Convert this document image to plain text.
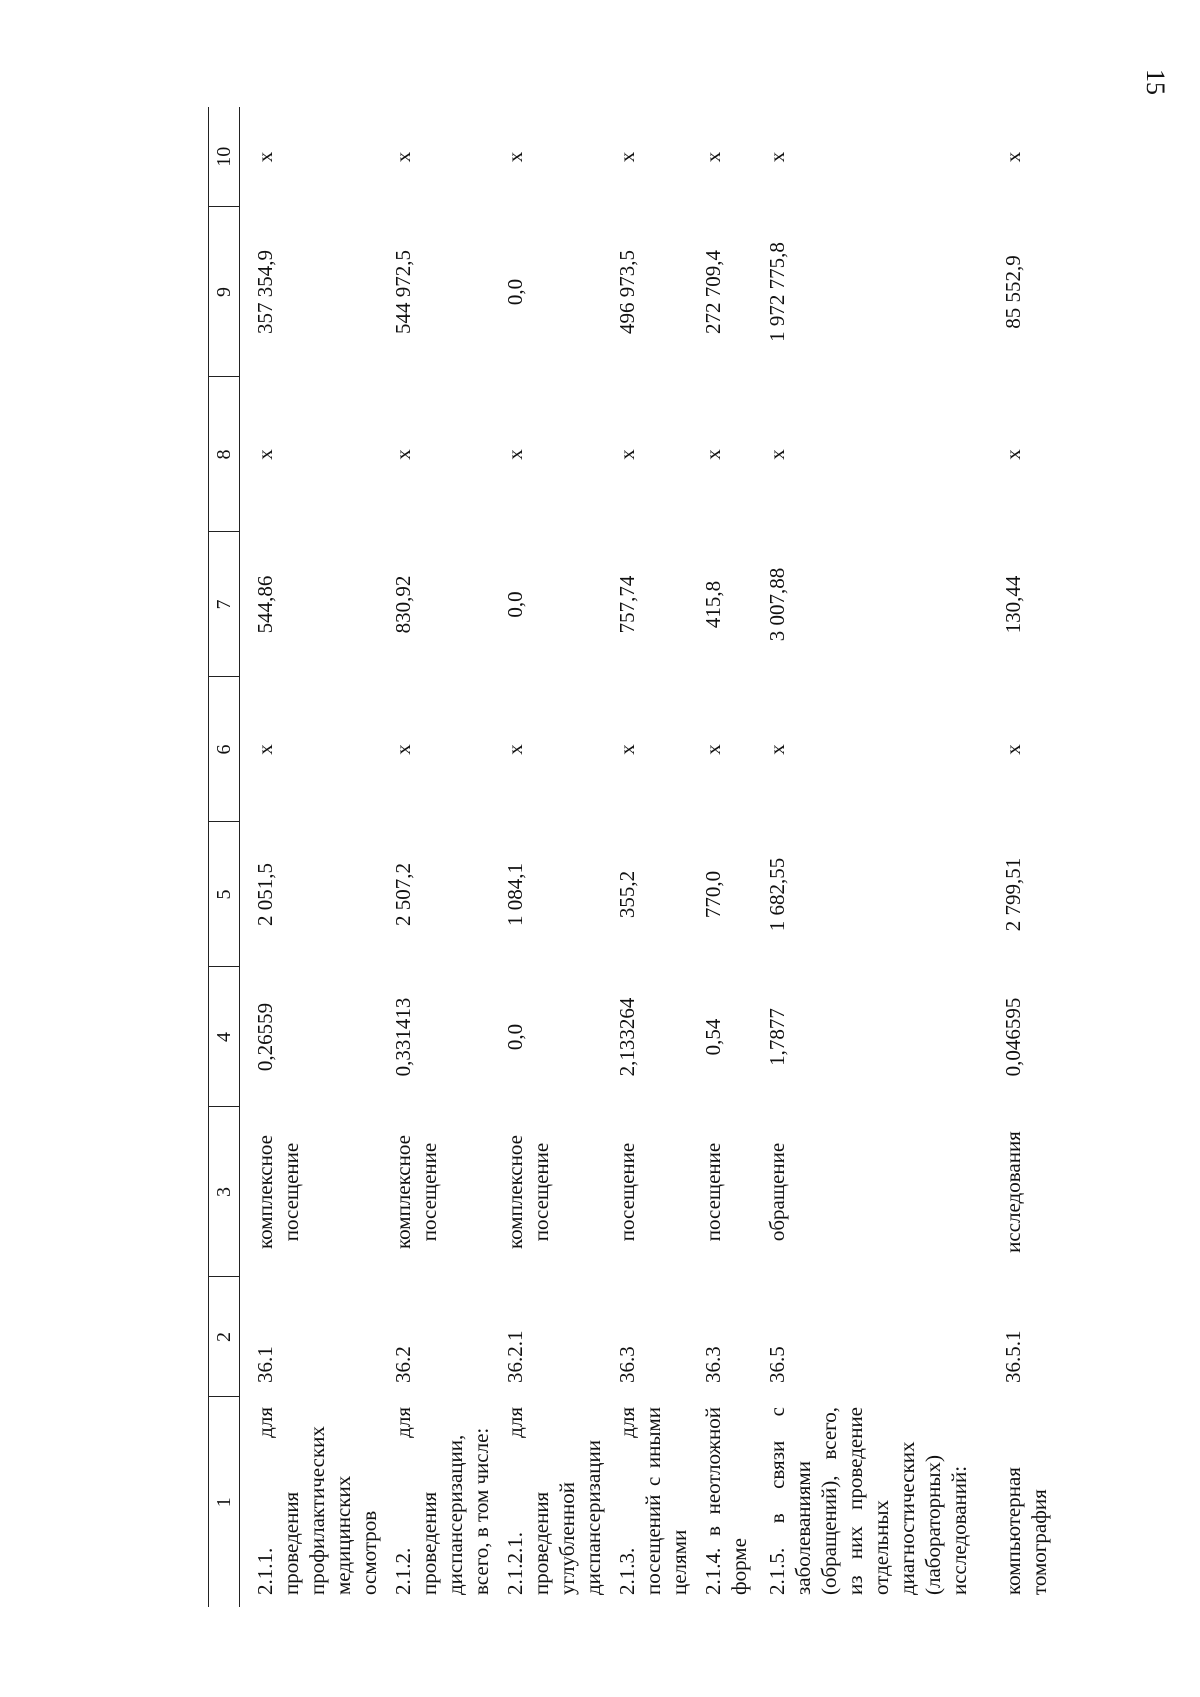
15
1	2	3	4	5	6	7	8	9	10
2.1.1. для проведения профилактических медицинских осмотров	36.1	комплексное посещение	0,26559	2 051,5	х	544,86	х	357 354,9	х
2.1.2. для проведения диспансеризации, всего, в том числе:	36.2	комплексное посещение	0,331413	2 507,2	х	830,92	х	544 972,5	х
2.1.2.1. для проведения углубленной диспансеризации	36.2.1	комплексное посещение	0,0	1 084,1	х	0,0	х	0,0	х
2.1.3. для посещений с иными целями	36.3	посещение	2,133264	355,2	х	757,74	х	496 973,5	х
2.1.4. в неотложной форме	36.3	посещение	0,54	770,0	х	415,8	х	272 709,4	х
2.1.5. в связи с заболеваниями (обращений), всего, из них проведение отдельных диагностических (лабораторных) исследований:	36.5	обращение	1,7877	1 682,55	х	3 007,88	х	1 972 775,8	х
компьютерная томография	36.5.1	исследования	0,046595	2 799,51	х	130,44	х	85 552,9	х
